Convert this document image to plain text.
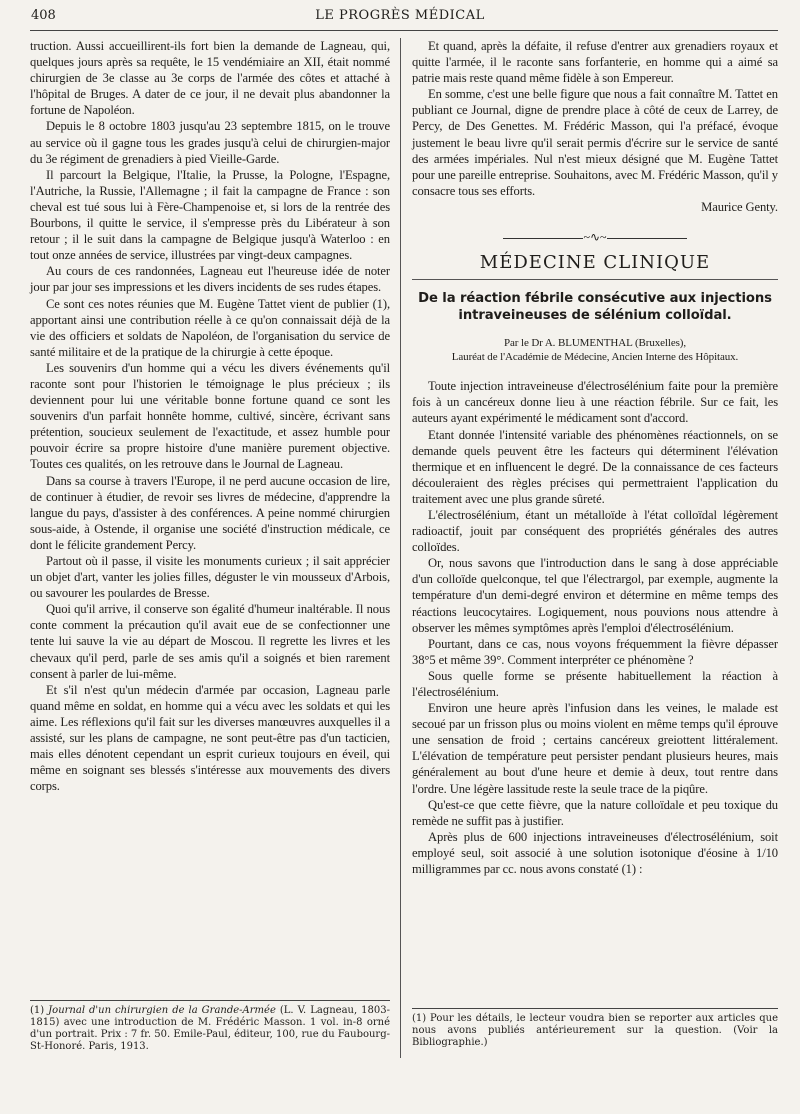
408	LE PROGRÈS MÉDICAL

truction. Aussi accueillirent-ils fort bien la demande de Lagneau, qui, quelques jours après sa requête, le 15 vendémiaire an XII, était nommé chirurgien de 3e classe au 3e corps de l'armée des côtes et attaché à l'hôpital de Bruges. A dater de ce jour, il ne devait plus abandonner la fortune de Napoléon.

Depuis le 8 octobre 1803 jusqu'au 23 septembre 1815, on le trouve au service où il gagne tous les grades jusqu'à celui de chirurgien-major du 3e régiment de grenadiers à pied Vieille-Garde.

Il parcourt la Belgique, l'Italie, la Prusse, la Pologne, l'Espagne, l'Autriche, la Russie, l'Allemagne ; il fait la campagne de France : son cheval est tué sous lui à Fère-Champenoise et, si lors de la rentrée des Bourbons, il quitte le service, il s'empresse près du Libérateur à son retour ; il le suit dans la campagne de Belgique jusqu'à Waterloo : en tout onze années de service, illustrées par vingt-deux campagnes.

Au cours de ces randonnées, Lagneau eut l'heureuse idée de noter jour par jour ses impressions et les divers incidents de ses rudes étapes.

Ce sont ces notes réunies que M. Eugène Tattet vient de publier (1), apportant ainsi une contribution réelle à ce qu'on connaissait déjà de la vie des officiers et soldats de Napoléon, de l'organisation du service de santé militaire et de la pratique de la chirurgie à cette époque.

Les souvenirs d'un homme qui a vécu les divers événements qu'il raconte sont pour l'historien le témoignage le plus précieux ; ils deviennent pour lui une véritable bonne fortune quand ce sont les souvenirs d'un parfait honnête homme, cultivé, sincère, écrivant sans prétention, soucieux seulement de l'exactitude, et assez humble pour pouvoir écrire sa propre histoire d'une manière purement objective. Toutes ces qualités, on les retrouve dans le Journal de Lagneau.

Dans sa course à travers l'Europe, il ne perd aucune occasion de lire, de continuer à étudier, de revoir ses livres de médecine, d'apprendre la langue du pays, d'assister à des conférences. A peine nommé chirurgien sous-aide, à Ostende, il organise une société d'instruction médicale, ce dont le félicite grandement Percy.

Partout où il passe, il visite les monuments curieux ; il sait apprécier un objet d'art, vanter les jolies filles, déguster le vin mousseux d'Arbois, ou savourer les poulardes de Bresse.

Quoi qu'il arrive, il conserve son égalité d'humeur inaltérable. Il nous conte comment la précaution qu'il avait eue de se confectionner une tente lui sauve la vie au départ de Moscou. Il regrette les livres et les chevaux qu'il perd, parle de ses amis qu'il a soignés et bien rarement consent à parler de lui-même.

Et s'il n'est qu'un médecin d'armée par occasion, Lagneau parle quand même en soldat, en homme qui a vécu avec les soldats et qui les aime. Les réflexions qu'il fait sur les diverses manœuvres auxquelles il a assisté, sur les plans de campagne, ne sont peut-être pas d'un tacticien, mais elles dénotent cependant un esprit curieux toujours en éveil, qui même en soignant ses blessés s'intéresse aux mouvements des divers corps.

(1) Journal d'un chirurgien de la Grande-Armée (L. V. Lagneau, 1803-1815) avec une introduction de M. Frédéric Masson. 1 vol. in-8 orné d'un portrait. Prix : 7 fr. 50. Emile-Paul, éditeur, 100, rue du Faubourg-St-Honoré. Paris, 1913.

Et quand, après la défaite, il refuse d'entrer aux grenadiers royaux et quitte l'armée, il le raconte sans forfanterie, en homme qui a aimé sa patrie mais reste quand même fidèle à son Empereur.

En somme, c'est une belle figure que nous a fait connaître M. Tattet en publiant ce Journal, digne de prendre place à côté de ceux de Larrey, de Percy, de Des Genettes. M. Frédéric Masson, qui l'a préfacé, évoque justement le beau livre qu'il serait permis d'écrire sur le service de santé des armées impériales. Nul n'est mieux désigné que M. Eugène Tattet pour une pareille entreprise. Souhaitons, avec M. Frédéric Masson, qu'il y consacre tous ses efforts.

Maurice Genty.

~∿~
MÉDECINE CLINIQUE
De la réaction fébrile consécutive aux injections intraveineuses de sélénium colloïdal.
Par le Dr A. BLUMENTHAL (Bruxelles),
Lauréat de l'Académie de Médecine, Ancien Interne des Hôpitaux.

Toute injection intraveineuse d'électrosélénium faite pour la première fois à un cancéreux donne lieu à une réaction fébrile. Sur ce fait, les auteurs ayant expérimenté le médicament sont d'accord.

Etant donnée l'intensité variable des phénomènes réactionnels, on se demande quels peuvent être les facteurs qui déterminent l'élévation thermique et en influencent le degré. De la connaissance de ces facteurs découleraient des règles précises qui permettraient l'application du traitement avec une plus grande sûreté.

L'électrosélénium, étant un métalloïde à l'état colloïdal légèrement radioactif, jouit par conséquent des propriétés générales des autres colloïdes.

Or, nous savons que l'introduction dans le sang à dose appréciable d'un colloïde quelconque, tel que l'électrargol, par exemple, augmente la température d'un demi-degré environ et détermine en même temps des réactions leucocytaires. Logiquement, nous pouvions nous attendre à observer les mêmes symptômes après l'emploi d'électrosélénium.

Pourtant, dans ce cas, nous voyons fréquemment la fièvre dépasser 38°5 et même 39°. Comment interpréter ce phénomène ?

Sous quelle forme se présente habituellement la réaction à l'électrosélénium.

Environ une heure après l'infusion dans les veines, le malade est secoué par un frisson plus ou moins violent en même temps qu'il éprouve une sensation de froid ; certains cancéreux greiottent littéralement. L'élévation de température peut persister pendant plusieurs heures, mais généralement au bout d'une heure et demie à deux, tout rentre dans l'ordre. Une légère lassitude reste la seule trace de la piqûre.

Qu'est-ce que cette fièvre, que la nature colloïdale et peu toxique du remède ne suffit pas à justifier.

Après plus de 600 injections intraveineuses d'électrosélénium, soit employé seul, soit associé à une solution isotonique d'éosine à 1/10 milligrammes par cc. nous avons constaté (1) :

(1) Pour les détails, le lecteur voudra bien se reporter aux articles que nous avons publiés antérieurement sur la question. (Voir la Bibliographie.)
